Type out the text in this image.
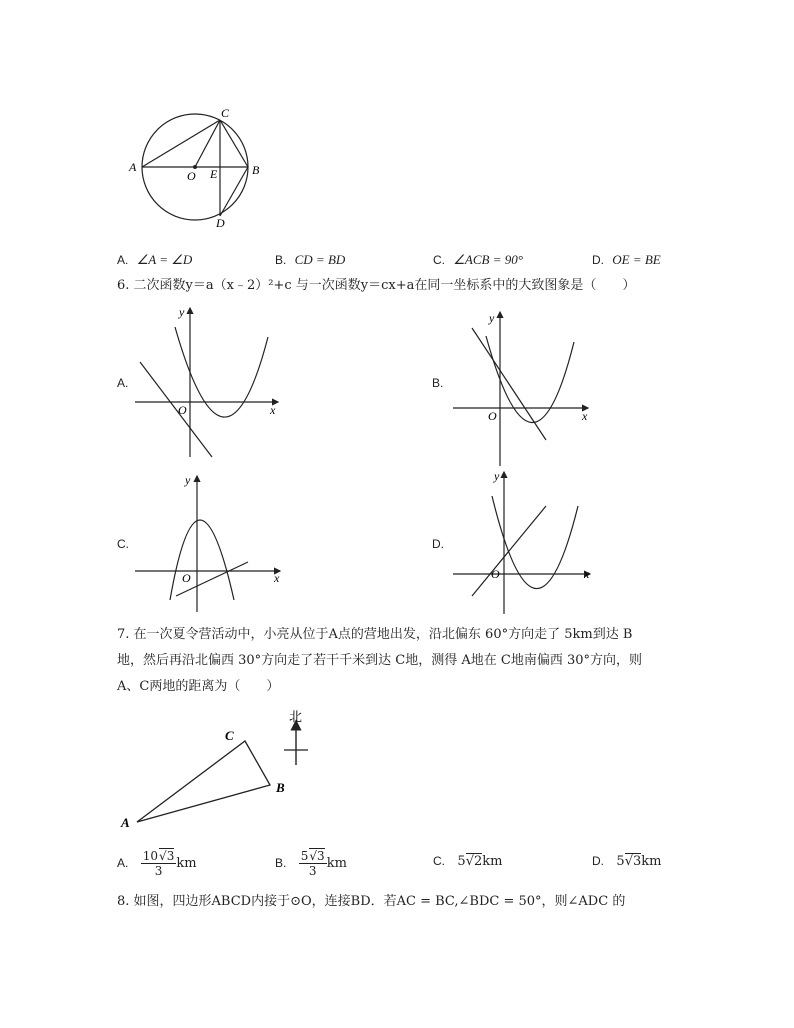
C
A	B
O E
D
A. ∠A = ∠D	B. CD = BD	C. ∠ACB = 90°	D. OE = BE
6. 二次函数y＝a（x﹣2）²+c 与一次函数y＝cx+a在同一坐标系中的大致图象是（　　）
A.
x
y
O
B.
x
y
O
C.
x
y
O
D.
x
y
O
7. 在一次夏令营活动中，小亮从位于A点的营地出发，沿北偏东 60°方向走了 5km到达 B
地，然后再沿北偏西 30°方向走了若干千米到达 C地，测得 A地在 C地南偏西 30°方向，则
A、C两地的距离为（　　）
北
C
B
A
A. $\frac{10√3}{3}$ km	B. $\frac{5√3}{3}$ km	C. 5√2km	D. 5√3km
8. 如图，四边形ABCD内接于⊙O，连接BD．若AC = BC,∠BDC = 50°，则∠ADC 的
